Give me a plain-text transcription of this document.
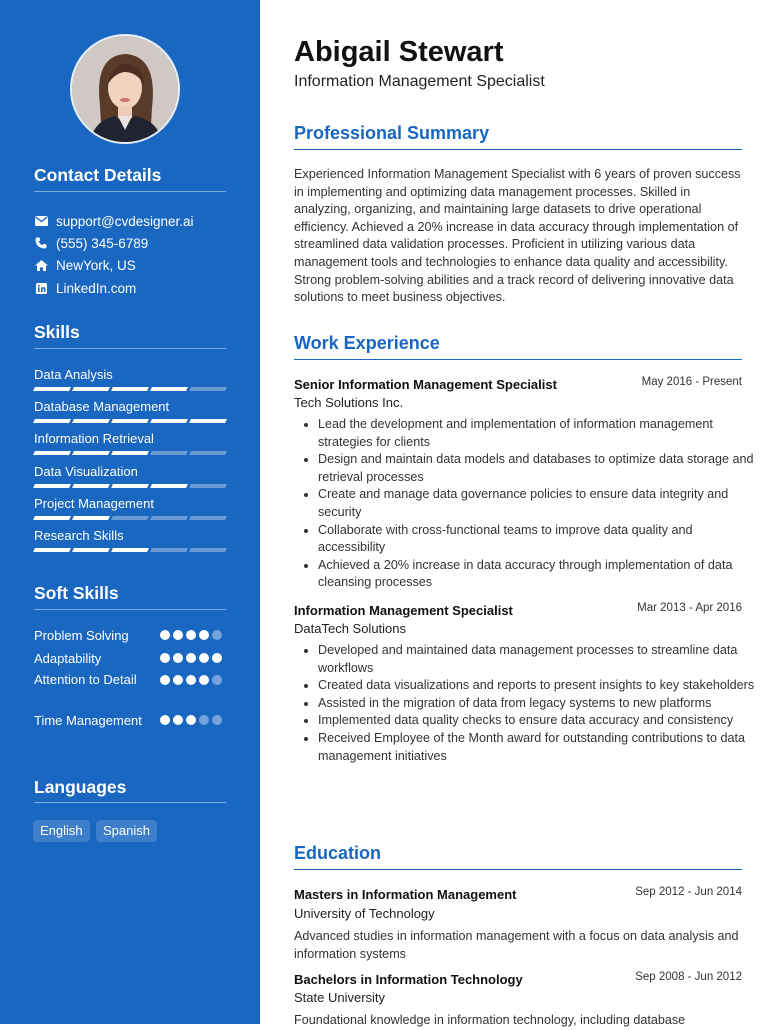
Contact Details
support@cvdesigner.ai
(555) 345-6789
NewYork, US
LinkedIn.com
Skills
Data Analysis
Database Management
Information Retrieval
Data Visualization
Project Management
Research Skills
Soft Skills
Problem Solving
Adaptability
Attention to Detail
Time Management
Languages
English	Spanish
Abigail Stewart
Information Management Specialist
Professional Summary
Experienced Information Management Specialist with 6 years of proven success in implementing and optimizing data management processes. Skilled in analyzing, organizing, and maintaining large datasets to drive operational efficiency. Achieved a 20% increase in data accuracy through implementation of streamlined data validation processes. Proficient in utilizing various data management tools and technologies to enhance data quality and accessibility. Strong problem-solving abilities and a track record of delivering innovative data solutions to meet business objectives.
Work Experience
Senior Information Management Specialist	May 2016 - Present
Tech Solutions Inc.
• Lead the development and implementation of information management strategies for clients
• Design and maintain data models and databases to optimize data storage and retrieval processes
• Create and manage data governance policies to ensure data integrity and security
• Collaborate with cross-functional teams to improve data quality and accessibility
• Achieved a 20% increase in data accuracy through implementation of data cleansing processes
Information Management Specialist	Mar 2013 - Apr 2016
DataTech Solutions
• Developed and maintained data management processes to streamline data workflows
• Created data visualizations and reports to present insights to key stakeholders
• Assisted in the migration of data from legacy systems to new platforms
• Implemented data quality checks to ensure data accuracy and consistency
• Received Employee of the Month award for outstanding contributions to data management initiatives
Education
Masters in Information Management	Sep 2012 - Jun 2014
University of Technology
Advanced studies in information management with a focus on data analysis and information systems
Bachelors in Information Technology	Sep 2008 - Jun 2012
State University
Foundational knowledge in information technology, including database
